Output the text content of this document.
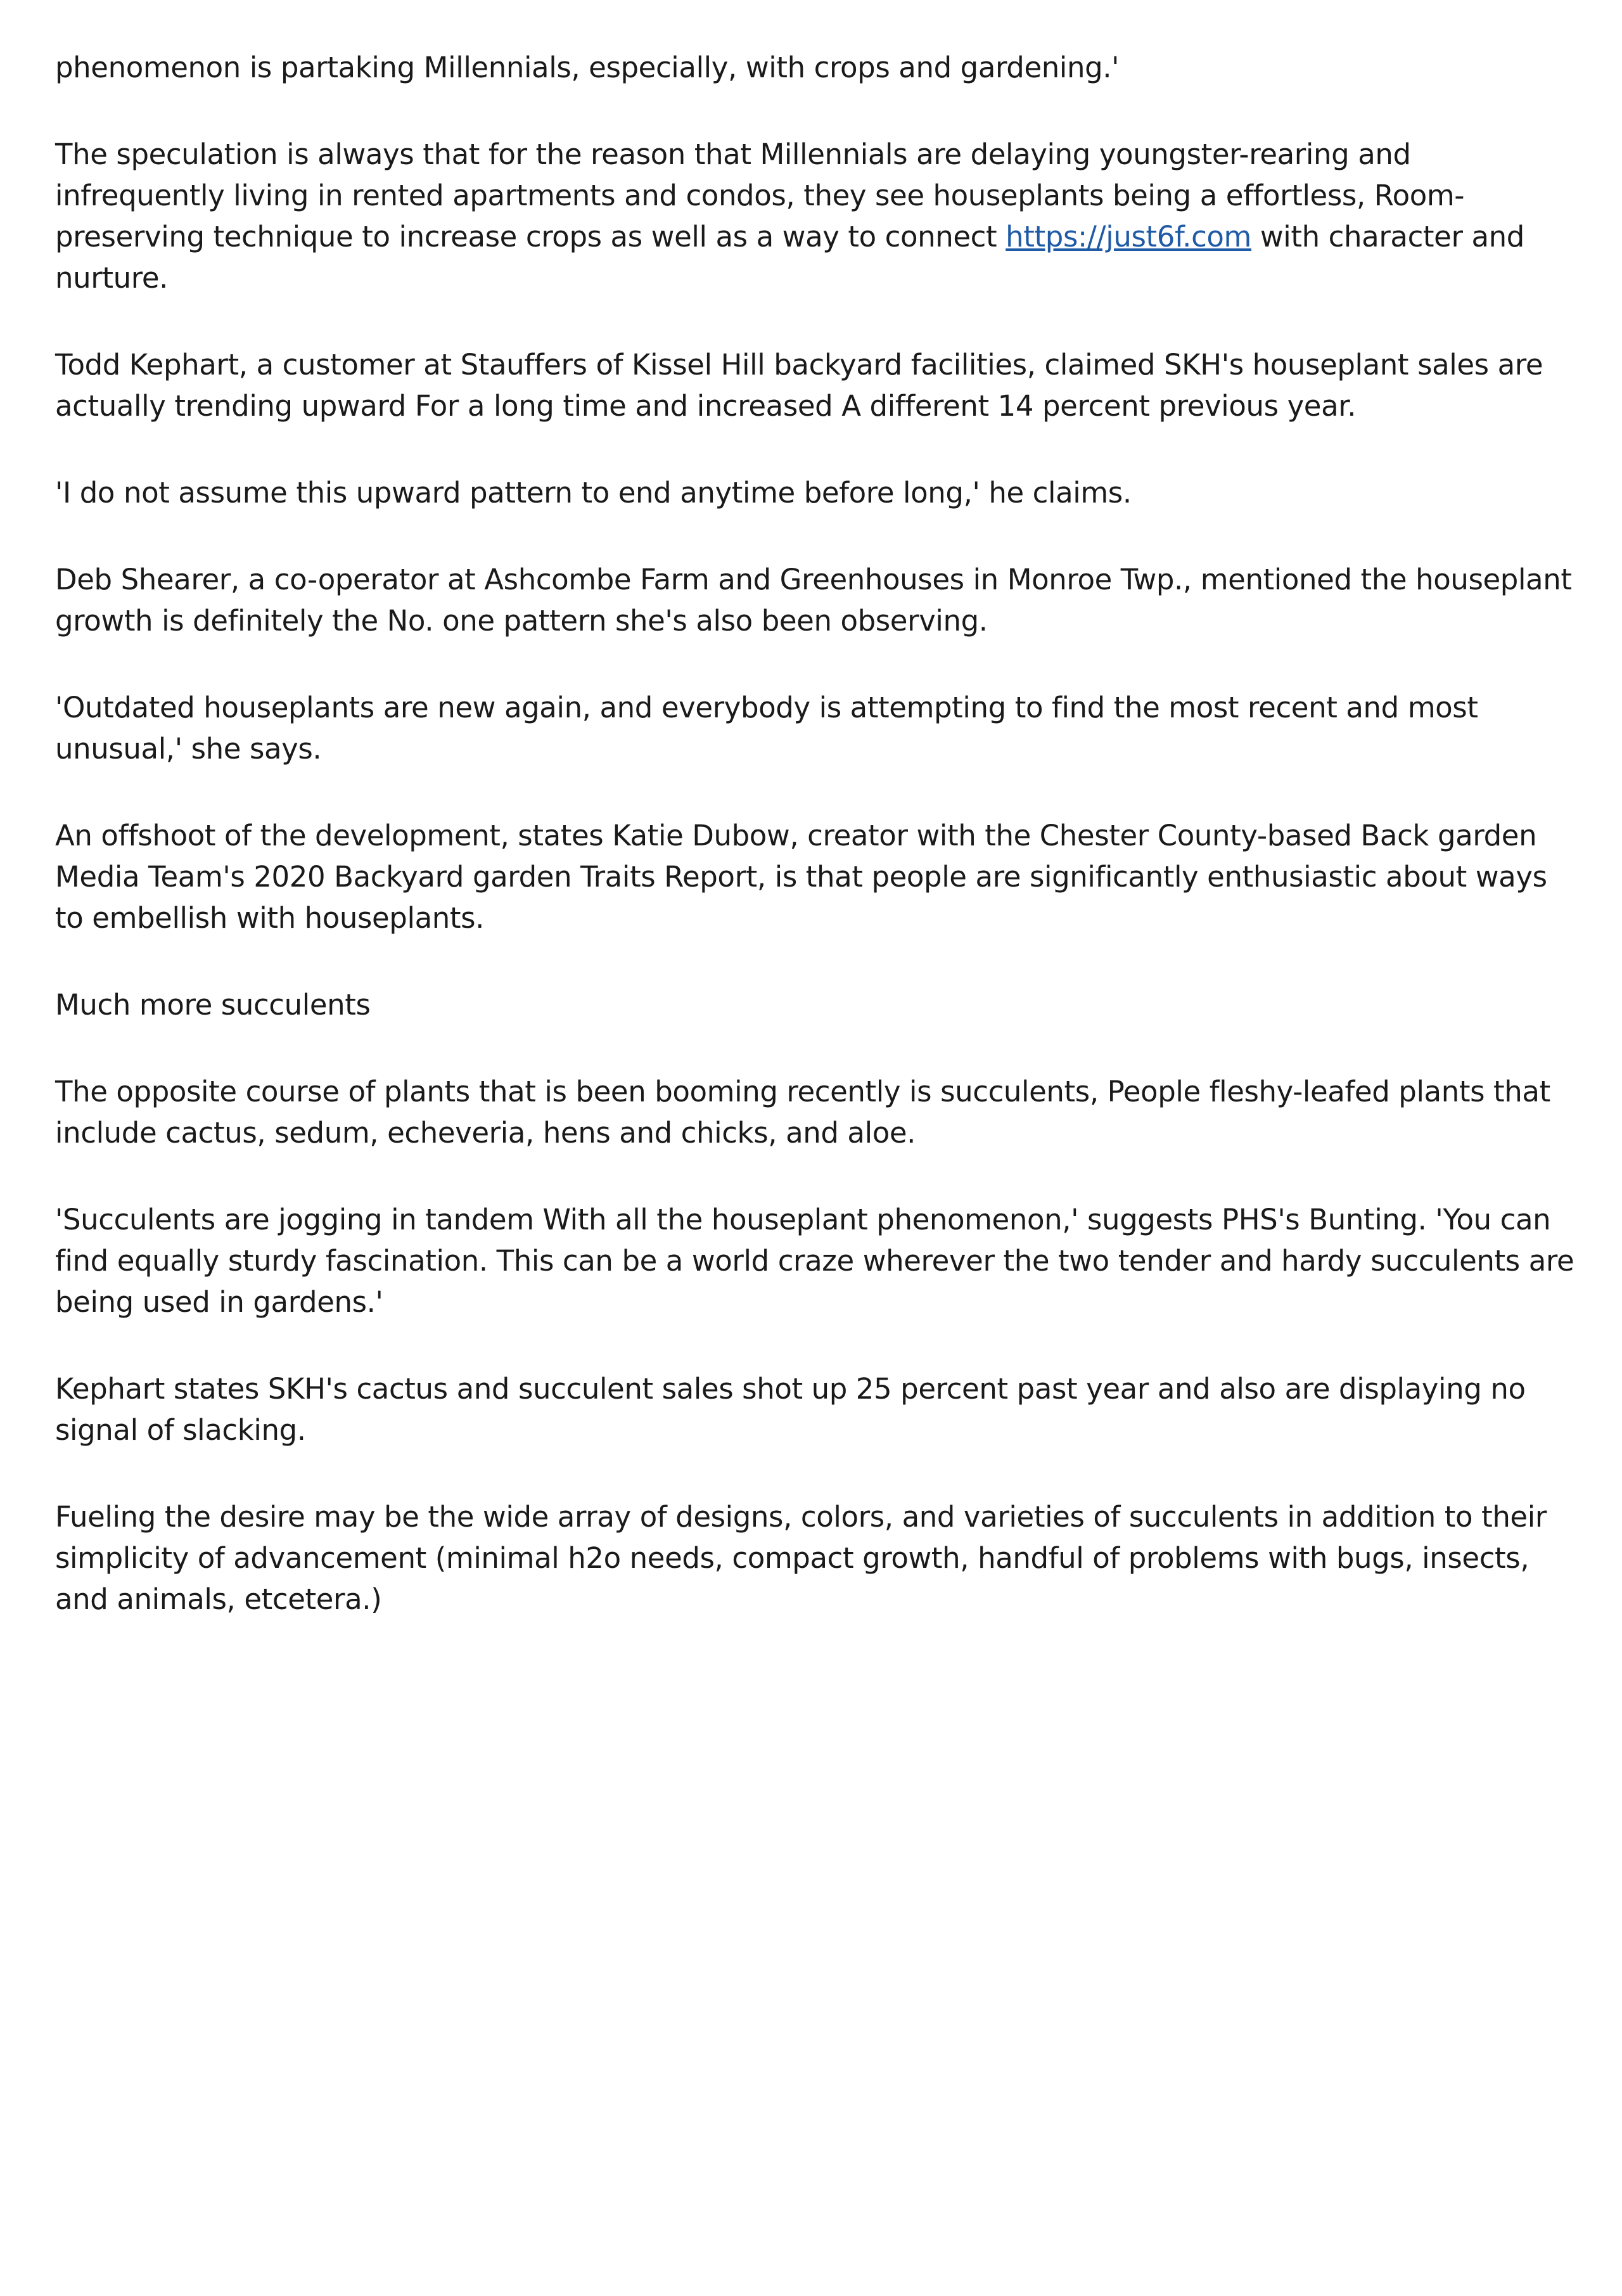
phenomenon is partaking Millennials, especially, with crops and gardening.'

The speculation is always that for the reason that Millennials are delaying youngster-rearing and infrequently living in rented apartments and condos, they see houseplants being a effortless, Room-preserving technique to increase crops as well as a way to connect https://just6f.com with character and nurture.

Todd Kephart, a customer at Stauffers of Kissel Hill backyard facilities, claimed SKH's houseplant sales are actually trending upward For a long time and increased A different 14 percent previous year.

'I do not assume this upward pattern to end anytime before long,' he claims.

Deb Shearer, a co-operator at Ashcombe Farm and Greenhouses in Monroe Twp., mentioned the houseplant growth is definitely the No. one pattern she's also been observing.

'Outdated houseplants are new again, and everybody is attempting to find the most recent and most unusual,' she says.

An offshoot of the development, states Katie Dubow, creator with the Chester County-based Back garden Media Team's 2020 Backyard garden Traits Report, is that people are significantly enthusiastic about ways to embellish with houseplants.

Much more succulents

The opposite course of plants that is been booming recently is succulents, People fleshy-leafed plants that include cactus, sedum, echeveria, hens and chicks, and aloe.

'Succulents are jogging in tandem With all the houseplant phenomenon,' suggests PHS's Bunting. 'You can find equally sturdy fascination. This can be a world craze wherever the two tender and hardy succulents are being used in gardens.'

Kephart states SKH's cactus and succulent sales shot up 25 percent past year and also are displaying no signal of slacking.

Fueling the desire may be the wide array of designs, colors, and varieties of succulents in addition to their simplicity of advancement (minimal h2o needs, compact growth, handful of problems with bugs, insects, and animals, etcetera.)
